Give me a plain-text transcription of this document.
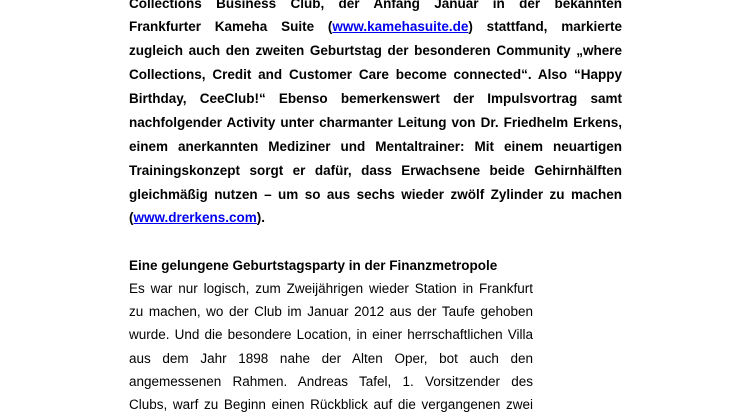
Collections Business Club, der Anfang Januar in der bekannten
Frankfurter Kameha Suite (www.kamehasuite.de) stattfand, markierte
zugleich auch den zweiten Geburtstag der besonderen Community „where
Collections, Credit and Customer Care become connected“. Also “Happy
Birthday, CeeClub!“ Ebenso bemerkenswert der Impulsvortrag samt
nachfolgender Activity unter charmanter Leitung von Dr. Friedhelm Erkens,
einem anerkannten Mediziner und Mentaltrainer: Mit einem neuartigen
Trainingskonzept sorgt er dafür, dass Erwachsene beide Gehirnhälften
gleichmäßig nutzen – um so aus sechs wieder zwölf Zylinder zu machen
(www.drerkens.com).
Eine gelungene Geburtstagsparty in der Finanzmetropole
Es war nur logisch, zum Zweijährigen wieder Station in Frankfurt
zu machen, wo der Club im Januar 2012 aus der Taufe gehoben
wurde. Und die besondere Location, in einer herrschaftlichen Villa
aus dem Jahr 1898 nahe der Alten Oper, bot auch den
angemessenen Rahmen. Andreas Tafel, 1. Vorsitzender des
Clubs, warf zu Beginn einen Rückblick auf die vergangenen zwei
